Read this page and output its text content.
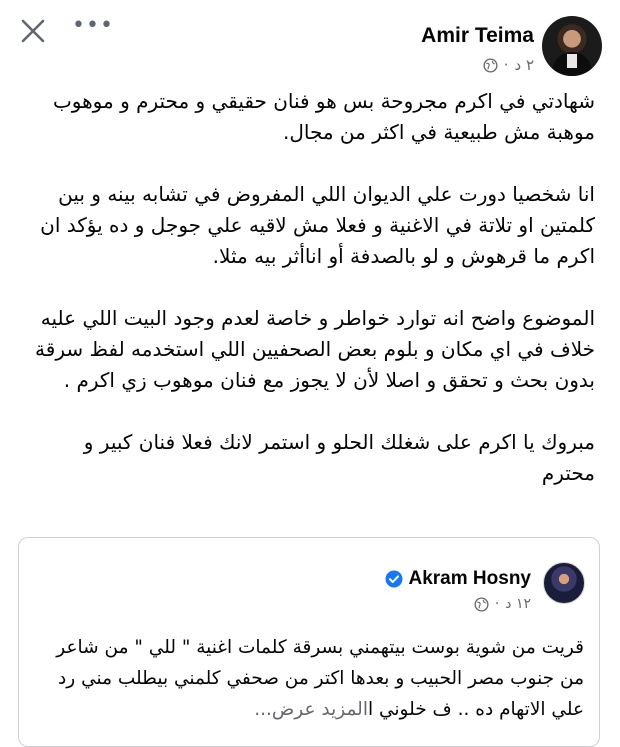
•••	Amir Teima
· ٢ د
شهادتي في اكرم مجروحة بس هو فنان حقيقي و محترم و موهوب موهبة مش طبيعية في اكثر من مجال.

انا شخصيا دورت علي الديوان اللي المفروض في تشابه بينه و بين كلمتين او تلاتة في الاغنية و فعلا مش لاقيه علي جوجل و ده يؤكد ان اكرم ما قرهوش و لو بالصدفة أو اناأثر بيه مثلا.

الموضوع واضح انه توارد خواطر و خاصة لعدم وجود البيت اللي عليه خلاف في اي مكان و بلوم بعض الصحفيين اللي استخدمه لفظ سرقة بدون بحث و تحقق و اصلا لأن لا يجوز مع فنان موهوب زي اكرم .

مبروك يا اكرم على شغلك الحلو و استمر لانك فعلا فنان كبير و محترم
Akram Hosny
· ١٢ د
قريت من شوية بوست بيتهمني بسرقة كلمات اغنية " للي " من شاعر من جنوب مصر الحبيب و بعدها اكتر من صحفي كلمني بيطلب مني رد علي الاتهام ده .. ف خلوني االمزيد عرض...
